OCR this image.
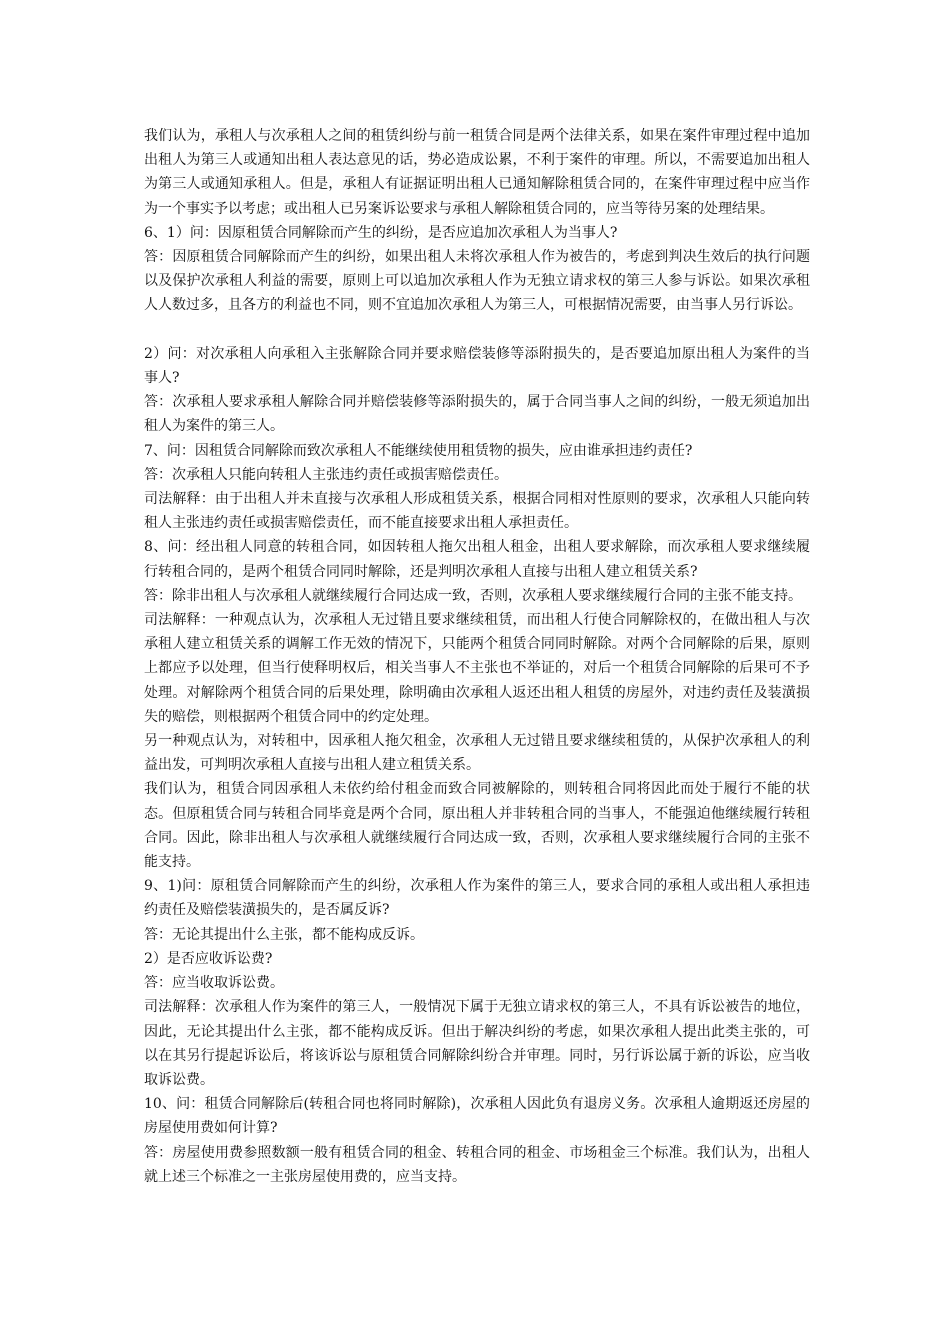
我们认为，承租人与次承租人之间的租赁纠纷与前一租赁合同是两个法律关系，如果在案件审理过程中追加出租人为第三人或通知出租人表达意见的话，势必造成讼累，不利于案件的审理。所以，不需要追加出租人为第三人或通知承租人。但是，承租人有证据证明出租人已通知解除租赁合同的，在案件审理过程中应当作为一个事实予以考虑；或出租人已另案诉讼要求与承租人解除租赁合同的，应当等待另案的处理结果。

6、1）问：因原租赁合同解除而产生的纠纷，是否应追加次承租人为当事人?

答：因原租赁合同解除而产生的纠纷，如果出租人未将次承租人作为被告的，考虑到判决生效后的执行问题以及保护次承租人利益的需要，原则上可以追加次承租人作为无独立请求权的第三人参与诉讼。如果次承租人人数过多，且各方的利益也不同，则不宜追加次承租人为第三人，可根据情况需要，由当事人另行诉讼。

2）问：对次承租人向承租入主张解除合同并要求赔偿装修等添附损失的，是否要追加原出租人为案件的当事人?

答：次承租人要求承租人解除合同并赔偿装修等添附损失的，属于合同当事人之间的纠纷，一般无须追加出租人为案件的第三人。

7、问：因租赁合同解除而致次承租人不能继续使用租赁物的损失，应由谁承担违约责任?

答：次承租人只能向转租人主张违约责任或损害赔偿责任。

司法解释：由于出租人并未直接与次承租人形成租赁关系，根据合同相对性原则的要求，次承租人只能向转租人主张违约责任或损害赔偿责任，而不能直接要求出租人承担责任。

8、问：经出租人同意的转租合同，如因转租人拖欠出租人租金，出租人要求解除，而次承租人要求继续履行转租合同的，是两个租赁合同同时解除，还是判明次承租人直接与出租人建立租赁关系?

答：除非出租人与次承租人就继续履行合同达成一致，否则，次承租人要求继续履行合同的主张不能支持。

司法解释：一种观点认为，次承租人无过错且要求继续租赁，而出租人行使合同解除权的，在做出租人与次承租人建立租赁关系的调解工作无效的情况下，只能两个租赁合同同时解除。对两个合同解除的后果，原则上都应予以处理，但当行使释明权后，相关当事人不主张也不举证的，对后一个租赁合同解除的后果可不予处理。对解除两个租赁合同的后果处理，除明确由次承租人返还出租人租赁的房屋外，对违约责任及装潢损失的赔偿，则根据两个租赁合同中的约定处理。

另一种观点认为，对转租中，因承租人拖欠租金，次承租人无过错且要求继续租赁的，从保护次承租人的利益出发，可判明次承租人直接与出租人建立租赁关系。

我们认为，租赁合同因承租人未依约给付租金而致合同被解除的，则转租合同将因此而处于履行不能的状态。但原租赁合同与转租合同毕竟是两个合同，原出租人并非转租合同的当事人，不能强迫他继续履行转租合同。因此，除非出租人与次承租人就继续履行合同达成一致，否则，次承租人要求继续履行合同的主张不能支持。

9、1)问：原租赁合同解除而产生的纠纷，次承租人作为案件的第三人，要求合同的承租人或出租人承担违约责任及赔偿装潢损失的，是否属反诉?

答：无论其提出什么主张，都不能构成反诉。

2）是否应收诉讼费?

答：应当收取诉讼费。

司法解释：次承租人作为案件的第三人，一般情况下属于无独立请求权的第三人，不具有诉讼被告的地位，因此，无论其提出什么主张，都不能构成反诉。但出于解决纠纷的考虑，如果次承租人提出此类主张的，可以在其另行提起诉讼后，将该诉讼与原租赁合同解除纠纷合并审理。同时，另行诉讼属于新的诉讼，应当收取诉讼费。

10、问：租赁合同解除后(转租合同也将同时解除)，次承租人因此负有退房义务。次承租人逾期返还房屋的房屋使用费如何计算?

答：房屋使用费参照数额一般有租赁合同的租金、转租合同的租金、市场租金三个标准。我们认为，出租人就上述三个标准之一主张房屋使用费的，应当支持。
